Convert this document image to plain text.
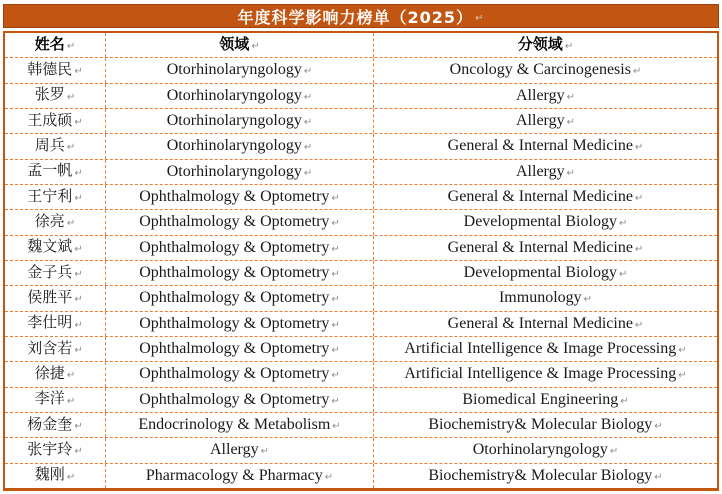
年度科学影响力榜单（2025） ↵
姓名 ↵	领域 ↵	分领域 ↵
韩德民 ↵	Otorhinolaryngology ↵	Oncology & Carcinogenesis ↵
张罗 ↵	Otorhinolaryngology ↵	Allergy ↵
王成硕 ↵	Otorhinolaryngology ↵	Allergy ↵
周兵 ↵	Otorhinolaryngology ↵	General & Internal Medicine ↵
孟一帆 ↵	Otorhinolaryngology ↵	Allergy ↵
王宁利 ↵	Ophthalmology & Optometry ↵	General & Internal Medicine ↵
徐亮 ↵	Ophthalmology & Optometry ↵	Developmental Biology ↵
魏文斌 ↵	Ophthalmology & Optometry ↵	General & Internal Medicine ↵
金子兵 ↵	Ophthalmology & Optometry ↵	Developmental Biology ↵
侯胜平 ↵	Ophthalmology & Optometry ↵	Immunology ↵
李仕明 ↵	Ophthalmology & Optometry ↵	General & Internal Medicine ↵
刘含若 ↵	Ophthalmology & Optometry ↵	Artificial Intelligence & Image Processing ↵
徐捷 ↵	Ophthalmology & Optometry ↵	Artificial Intelligence & Image Processing ↵
李洋 ↵	Ophthalmology & Optometry ↵	Biomedical Engineering ↵
杨金奎 ↵	Endocrinology & Metabolism ↵	Biochemistry& Molecular Biology ↵
张宇玲 ↵	Allergy ↵	Otorhinolaryngology ↵
魏刚 ↵	Pharmacology & Pharmacy ↵	Biochemistry& Molecular Biology ↵
